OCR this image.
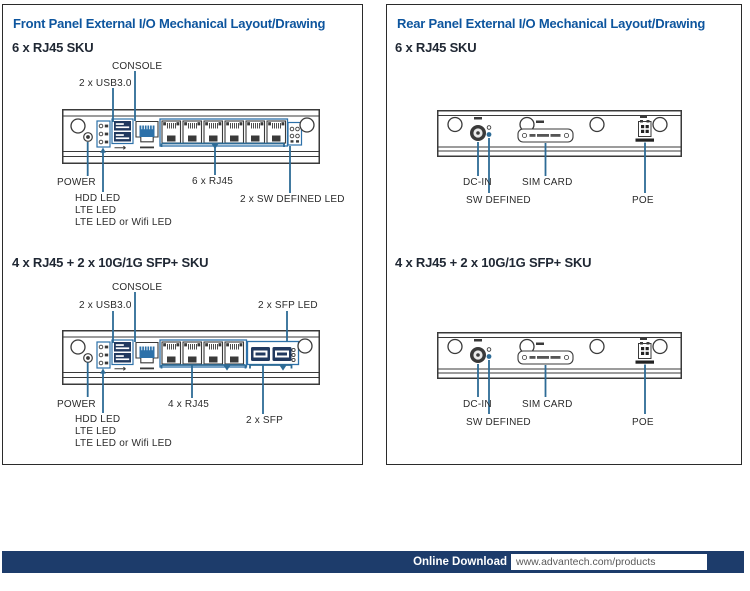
Front Panel External I/O Mechanical Layout/Drawing
6 x RJ45 SKU
CONSOLE
2 x USB3.0
POWER
HDD LED
LTE LED
LTE LED or Wifi LED
6 x RJ45
2 x SW DEFINED LED
4 x RJ45 + 2 x 10G/1G SFP+ SKU
CONSOLE
2 x USB3.0	2 x SFP LED
POWER	4 x RJ45
2 x SFP
HDD LED
LTE LED
LTE LED or Wifi LED
Rear Panel External I/O Mechanical Layout/Drawing
6 x RJ45 SKU
DC-IN	SIM CARD
SW DEFINED	POE
4 x RJ45 + 2 x 10G/1G SFP+ SKU
DC-IN	SIM CARD
SW DEFINED	POE
Online Download www.advantech.com/products
